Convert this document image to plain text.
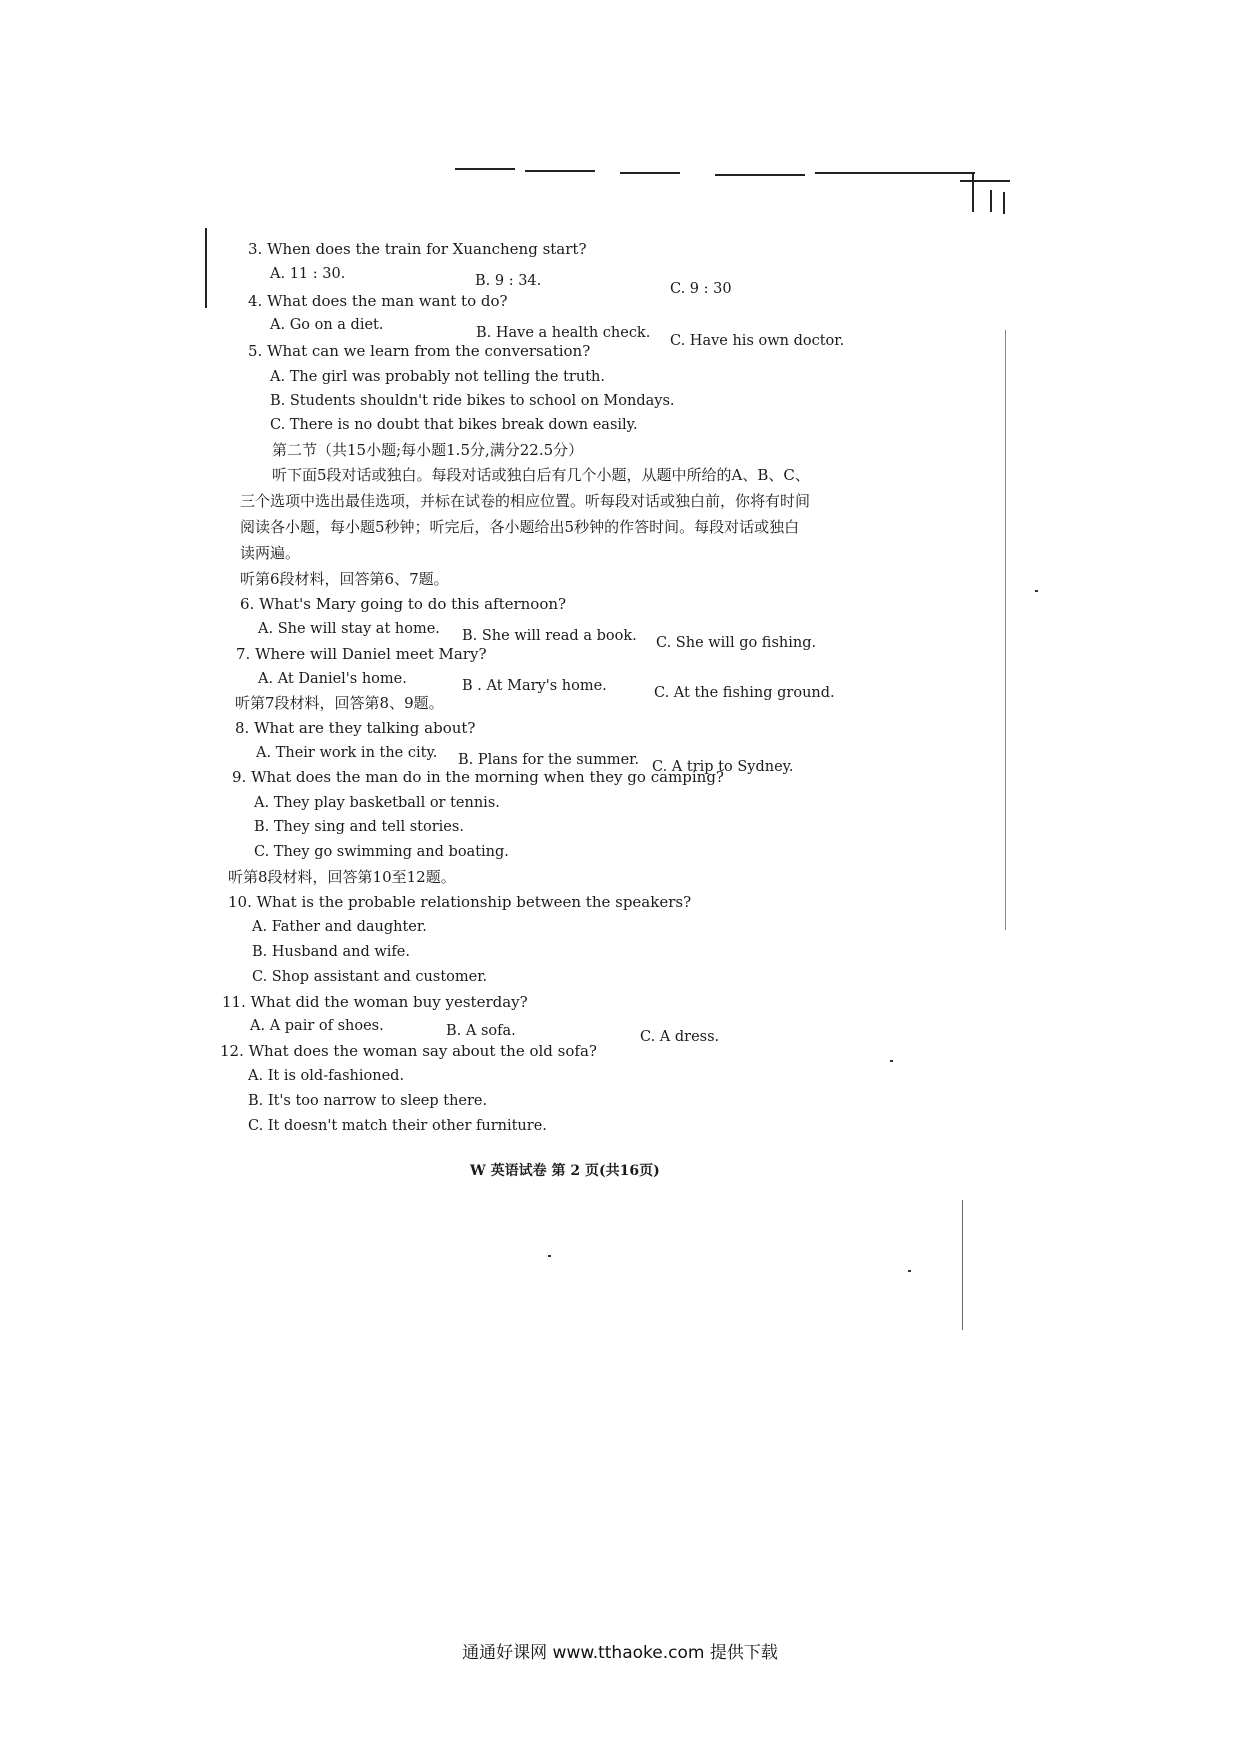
3. When does the train for Xuancheng start?
A. 11 : 30.	B. 9 : 34.	C. 9 : 30
4. What does the man want to do?
A. Go on a diet.	B. Have a health check. C. Have his own doctor.
5. What can we learn from the conversation?
A. The girl was probably not telling the truth.
B. Students shouldn't ride bikes to school on Mondays.
C. There is no doubt that bikes break down easily.
第二节（共15小题;每小题1.5分,满分22.5分）
听下面5段对话或独白。每段对话或独白后有几个小题，从题中所给的A、B、C、
三个选项中选出最佳选项，并标在试卷的相应位置。听每段对话或独白前，你将有时间
阅读各小题，每小题5秒钟；听完后，各小题给出5秒钟的作答时间。每段对话或独白
读两遍。
听第6段材料，回答第6、7题。
6. What's Mary going to do this afternoon?
A. She will stay at home. B. She will read a book. C. She will go fishing.
7. Where will Daniel meet Mary?
A. At Daniel's home.	B . At Mary's home.	C. At the fishing ground.
听第7段材料，回答第8、9题。
8. What are they talking about?
A. Their work in the city. B. Plans for the summer. C. A trip to Sydney.
9. What does the man do in the morning when they go camping?
A. They play basketball or tennis.
B. They sing and tell stories.
C. They go swimming and boating.
听第8段材料，回答第10至12题。
10. What is the probable relationship between the speakers?
A. Father and daughter.
B. Husband and wife.
C. Shop assistant and customer.
11. What did the woman buy yesterday?
A. A pair of shoes.	B. A sofa.	C. A dress.
12. What does the woman say about the old sofa?
A. It is old-fashioned.
B. It's too narrow to sleep there.
C. It doesn't match their other furniture.
W 英语试卷 第 2 页(共16页)
通通好课网 www.tthaoke.com 提供下载
